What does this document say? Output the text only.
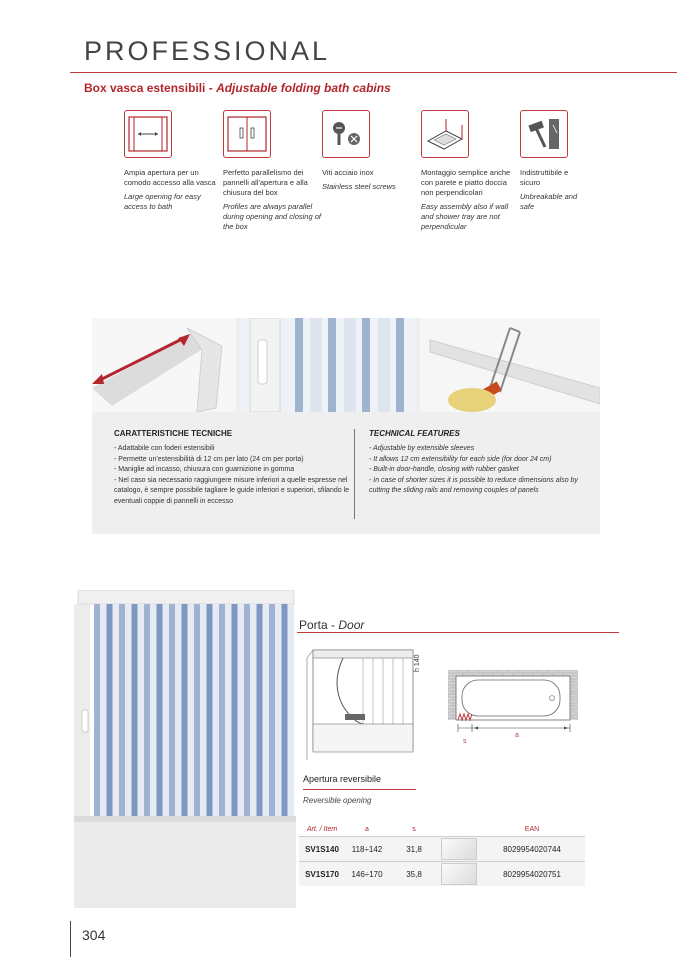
PROFESSIONAL
Box vasca estensibili - Adjustable folding bath cabins
Ampia apertura per un comodo accesso alla vasca
Large opening for easy access to bath
Perfetto parallelismo dei pannelli all'apertura e alla chiusura del box
Profiles are always parallel during opening and closing of the box
Viti acciaio inox
Stainless steel screws
Montaggio semplice anche con parete e piatto doccia non perpendicolari
Easy assembly also if wall and shower tray are not perpendicular
Indistruttibile e sicuro
Unbreakable and safe
CARATTERISTICHE TECNICHE
- Adattabile con foderi estensibili
- Permette un'estensibilità di 12 cm per lato (24 cm per porta)
- Maniglie ad incasso, chiusura con guarnizione in gomma
- Nel caso sia necessario raggiungere misure inferiori a quelle espresse nel catalogo, è sempre possibile tagliare le guide inferiori e superiori, sfilando le eventuali coppie di pannelli in eccesso
TECHNICAL FEATURES
- Adjustable by extensible sleeves
- It allows 12 cm extensibility for each side (for door 24 cm)
- Built-in door-handle, closing with rubber gasket
- In case of shorter sizes it is possible to reduce dimensions also by cutting the sliding rails and removing couples of panels
Porta - Door
h 140
a
s
Apertura reversibile
Reversible opening
Art. / Item	a	s		EAN
SV1S140	118÷142	31,8		8029954020744
SV1S170	146÷170	35,8		8029954020751
304
